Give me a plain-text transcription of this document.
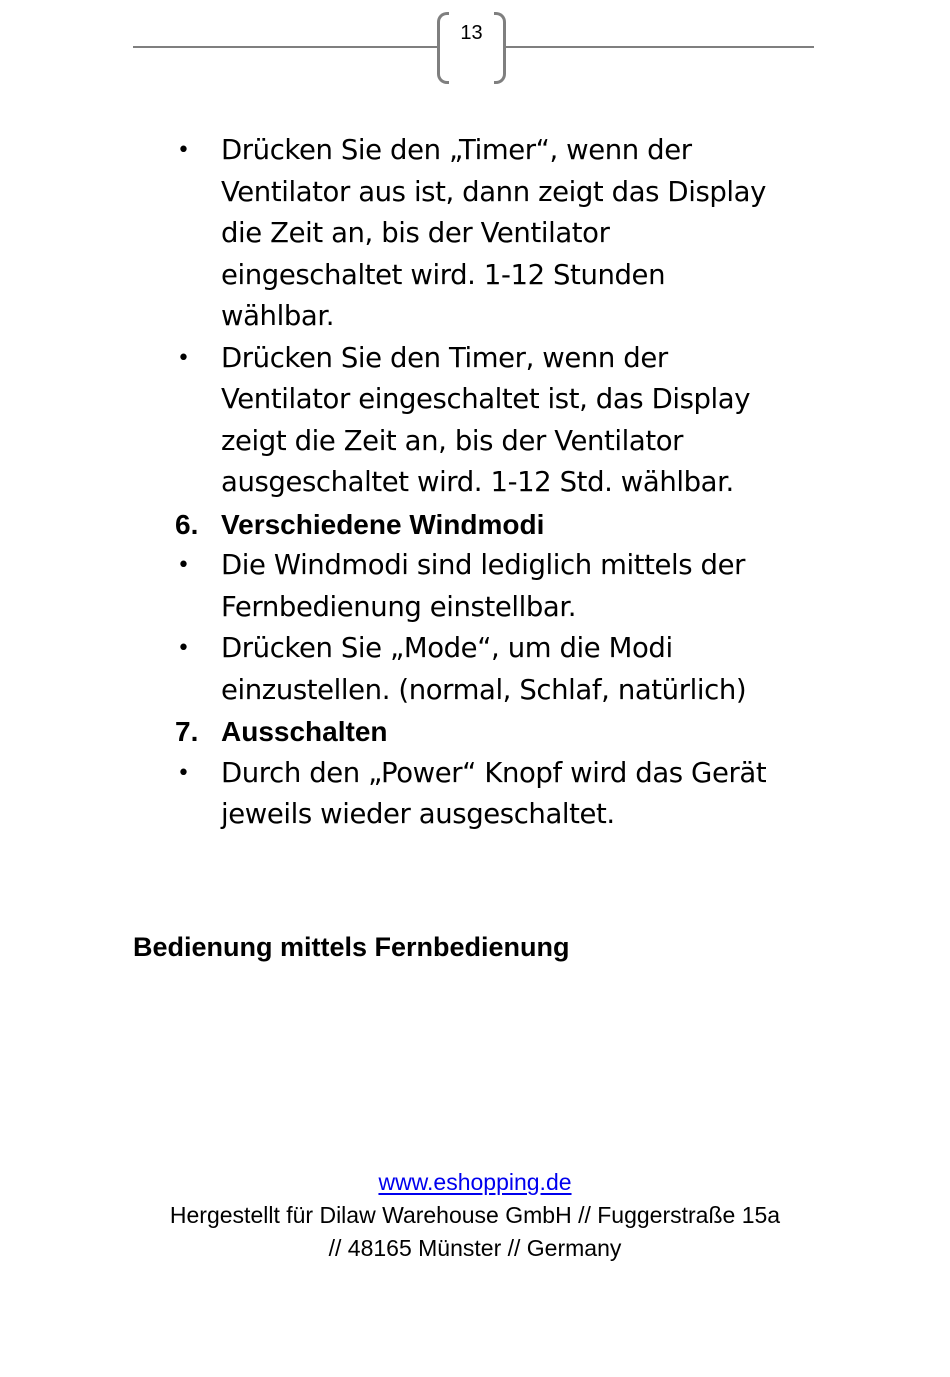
13
•	Drücken Sie den „Timer“, wenn der
Ventilator aus ist, dann zeigt das Display
die Zeit an, bis der Ventilator
eingeschaltet wird. 1-12 Stunden
wählbar.
•	Drücken Sie den Timer, wenn der
Ventilator eingeschaltet ist, das Display
zeigt die Zeit an, bis der Ventilator
ausgeschaltet wird. 1-12 Std. wählbar.
6. Verschiedene Windmodi
•	Die Windmodi sind lediglich mittels der
Fernbedienung einstellbar.
•	Drücken Sie „Mode“, um die Modi
einzustellen. (normal, Schlaf, natürlich)
7. Ausschalten
•	Durch den „Power“ Knopf wird das Gerät
jeweils wieder ausgeschaltet.
Bedienung mittels Fernbedienung
www.eshopping.de
Hergestellt für Dilaw Warehouse GmbH // Fuggerstraße 15a
// 48165 Münster // Germany
